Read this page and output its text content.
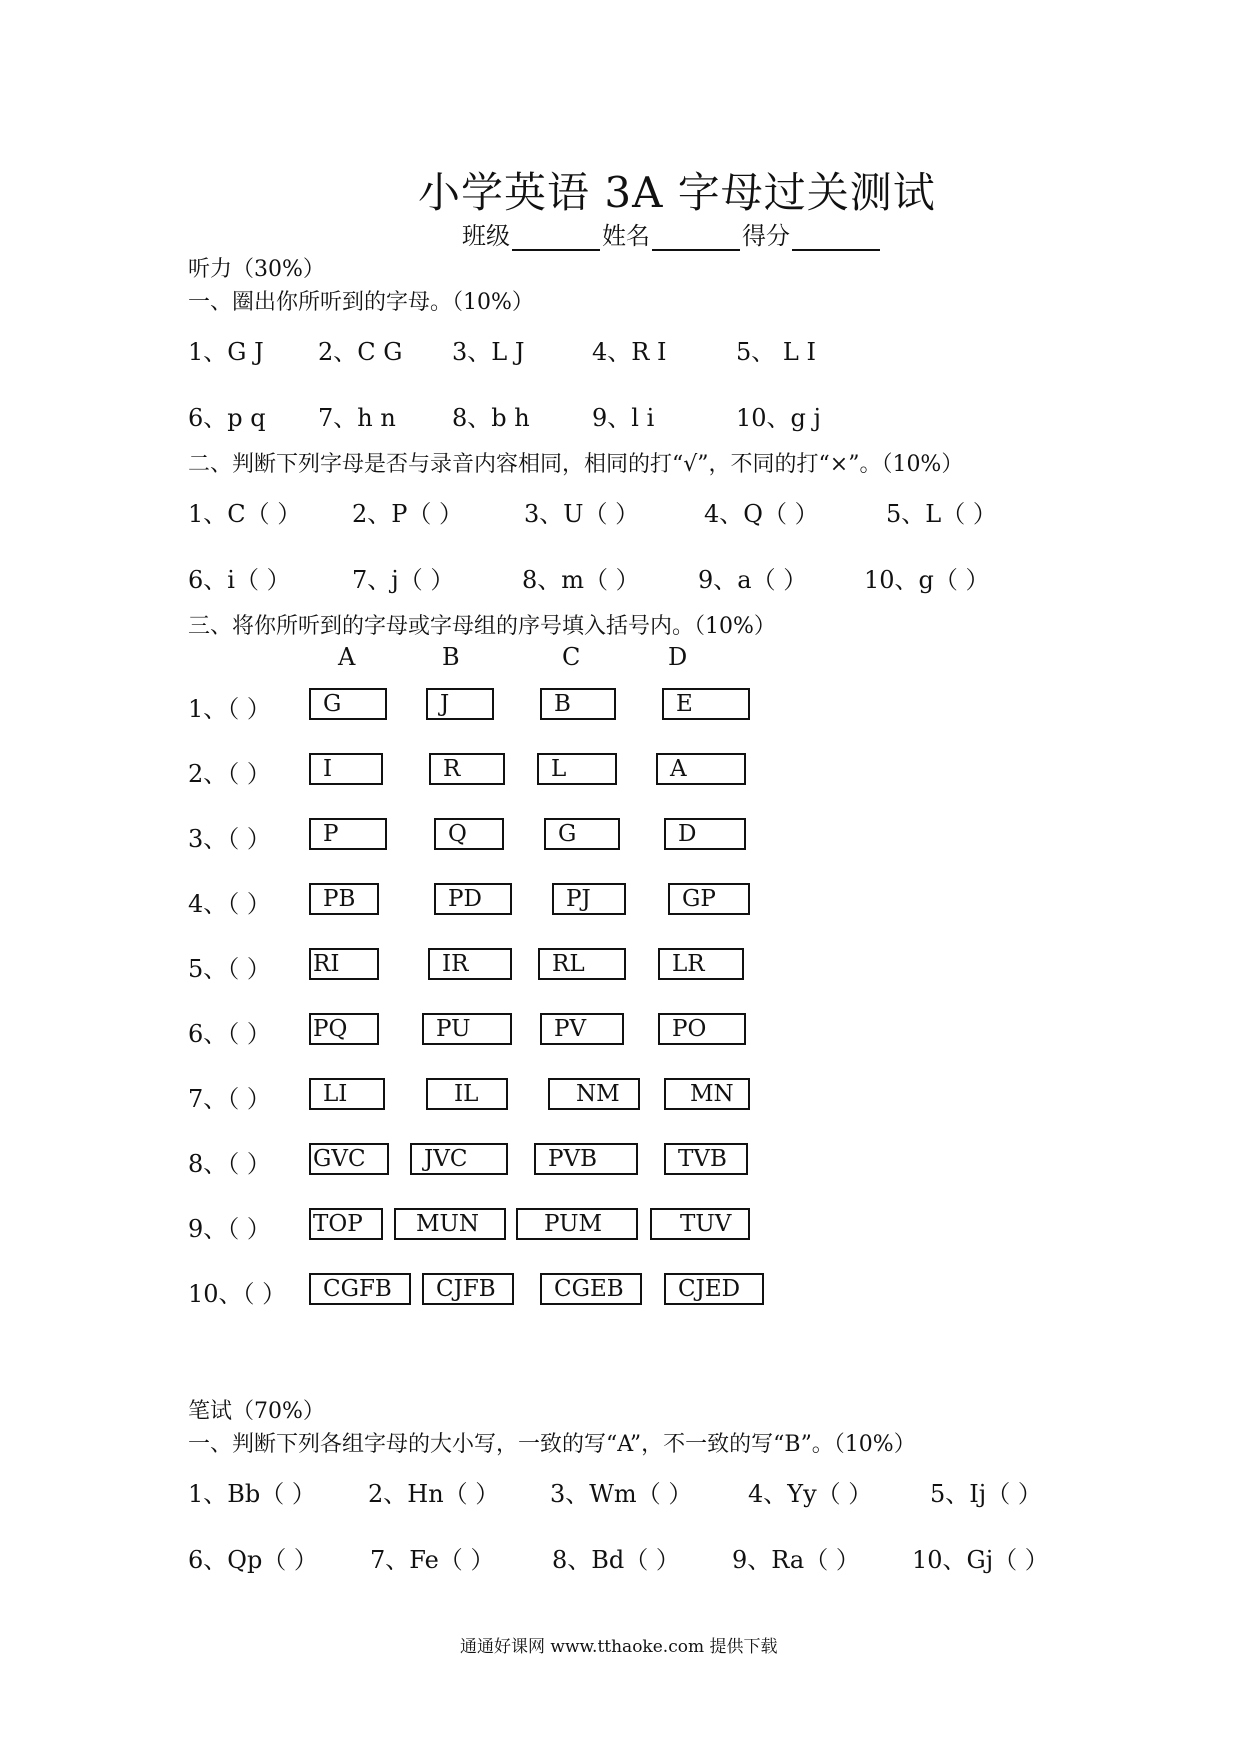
小学英语 3A 字母过关测试
班级	姓名	得分
听力（30%）
一、圈出你所听到的字母。（10%）
1、G J 2、C G 3、L J	4、R I	5、 L I
6、p q 7、h n 8、b h	9、l i	10、g j
二、判断下列字母是否与录音内容相同，相同的打“√”，不同的打“×”。（10%）
1、C（ ） 2、P（ ）	3、U（ ）	4、Q（ ）	5、L（ ）
6、i（ ）	7、j（ ）	8、m（ ） 9、a（ ） 10、g（ ）
三、将你所听到的字母或字母组的序号填入括号内。（10%）
A	B	C	D
1、（ ）	G	J	B	E
2、（ ）	I	R	L	A
3、（ ）	P	Q	G	D
4、（ ）	PB	PD	PJ	GP
5、（ ） RI	IR	RL	LR
6、（ ） PQ	PU	PV	PO
7、（ ）	LI	IL	NM	MN
8、（ ） GVC	JVC	PVB	TVB
9、（ ） TOP	MUN	PUM	TUV
10、（ ）	CGFB	CJFB	CGEB	CJED
笔试（70%）
一、判断下列各组字母的大小写，一致的写“A”，不一致的写“B”。（10%）
1、Bb（ ） 2、Hn（ ） 3、Wm（ ） 4、Yy（ ） 5、Ij（ ）
6、Qp（ ） 7、Fe（ ） 8、Bd（ ） 9、Ra（ ） 10、Gj（ ）
通通好课网 www.tthaoke.com 提供下载
